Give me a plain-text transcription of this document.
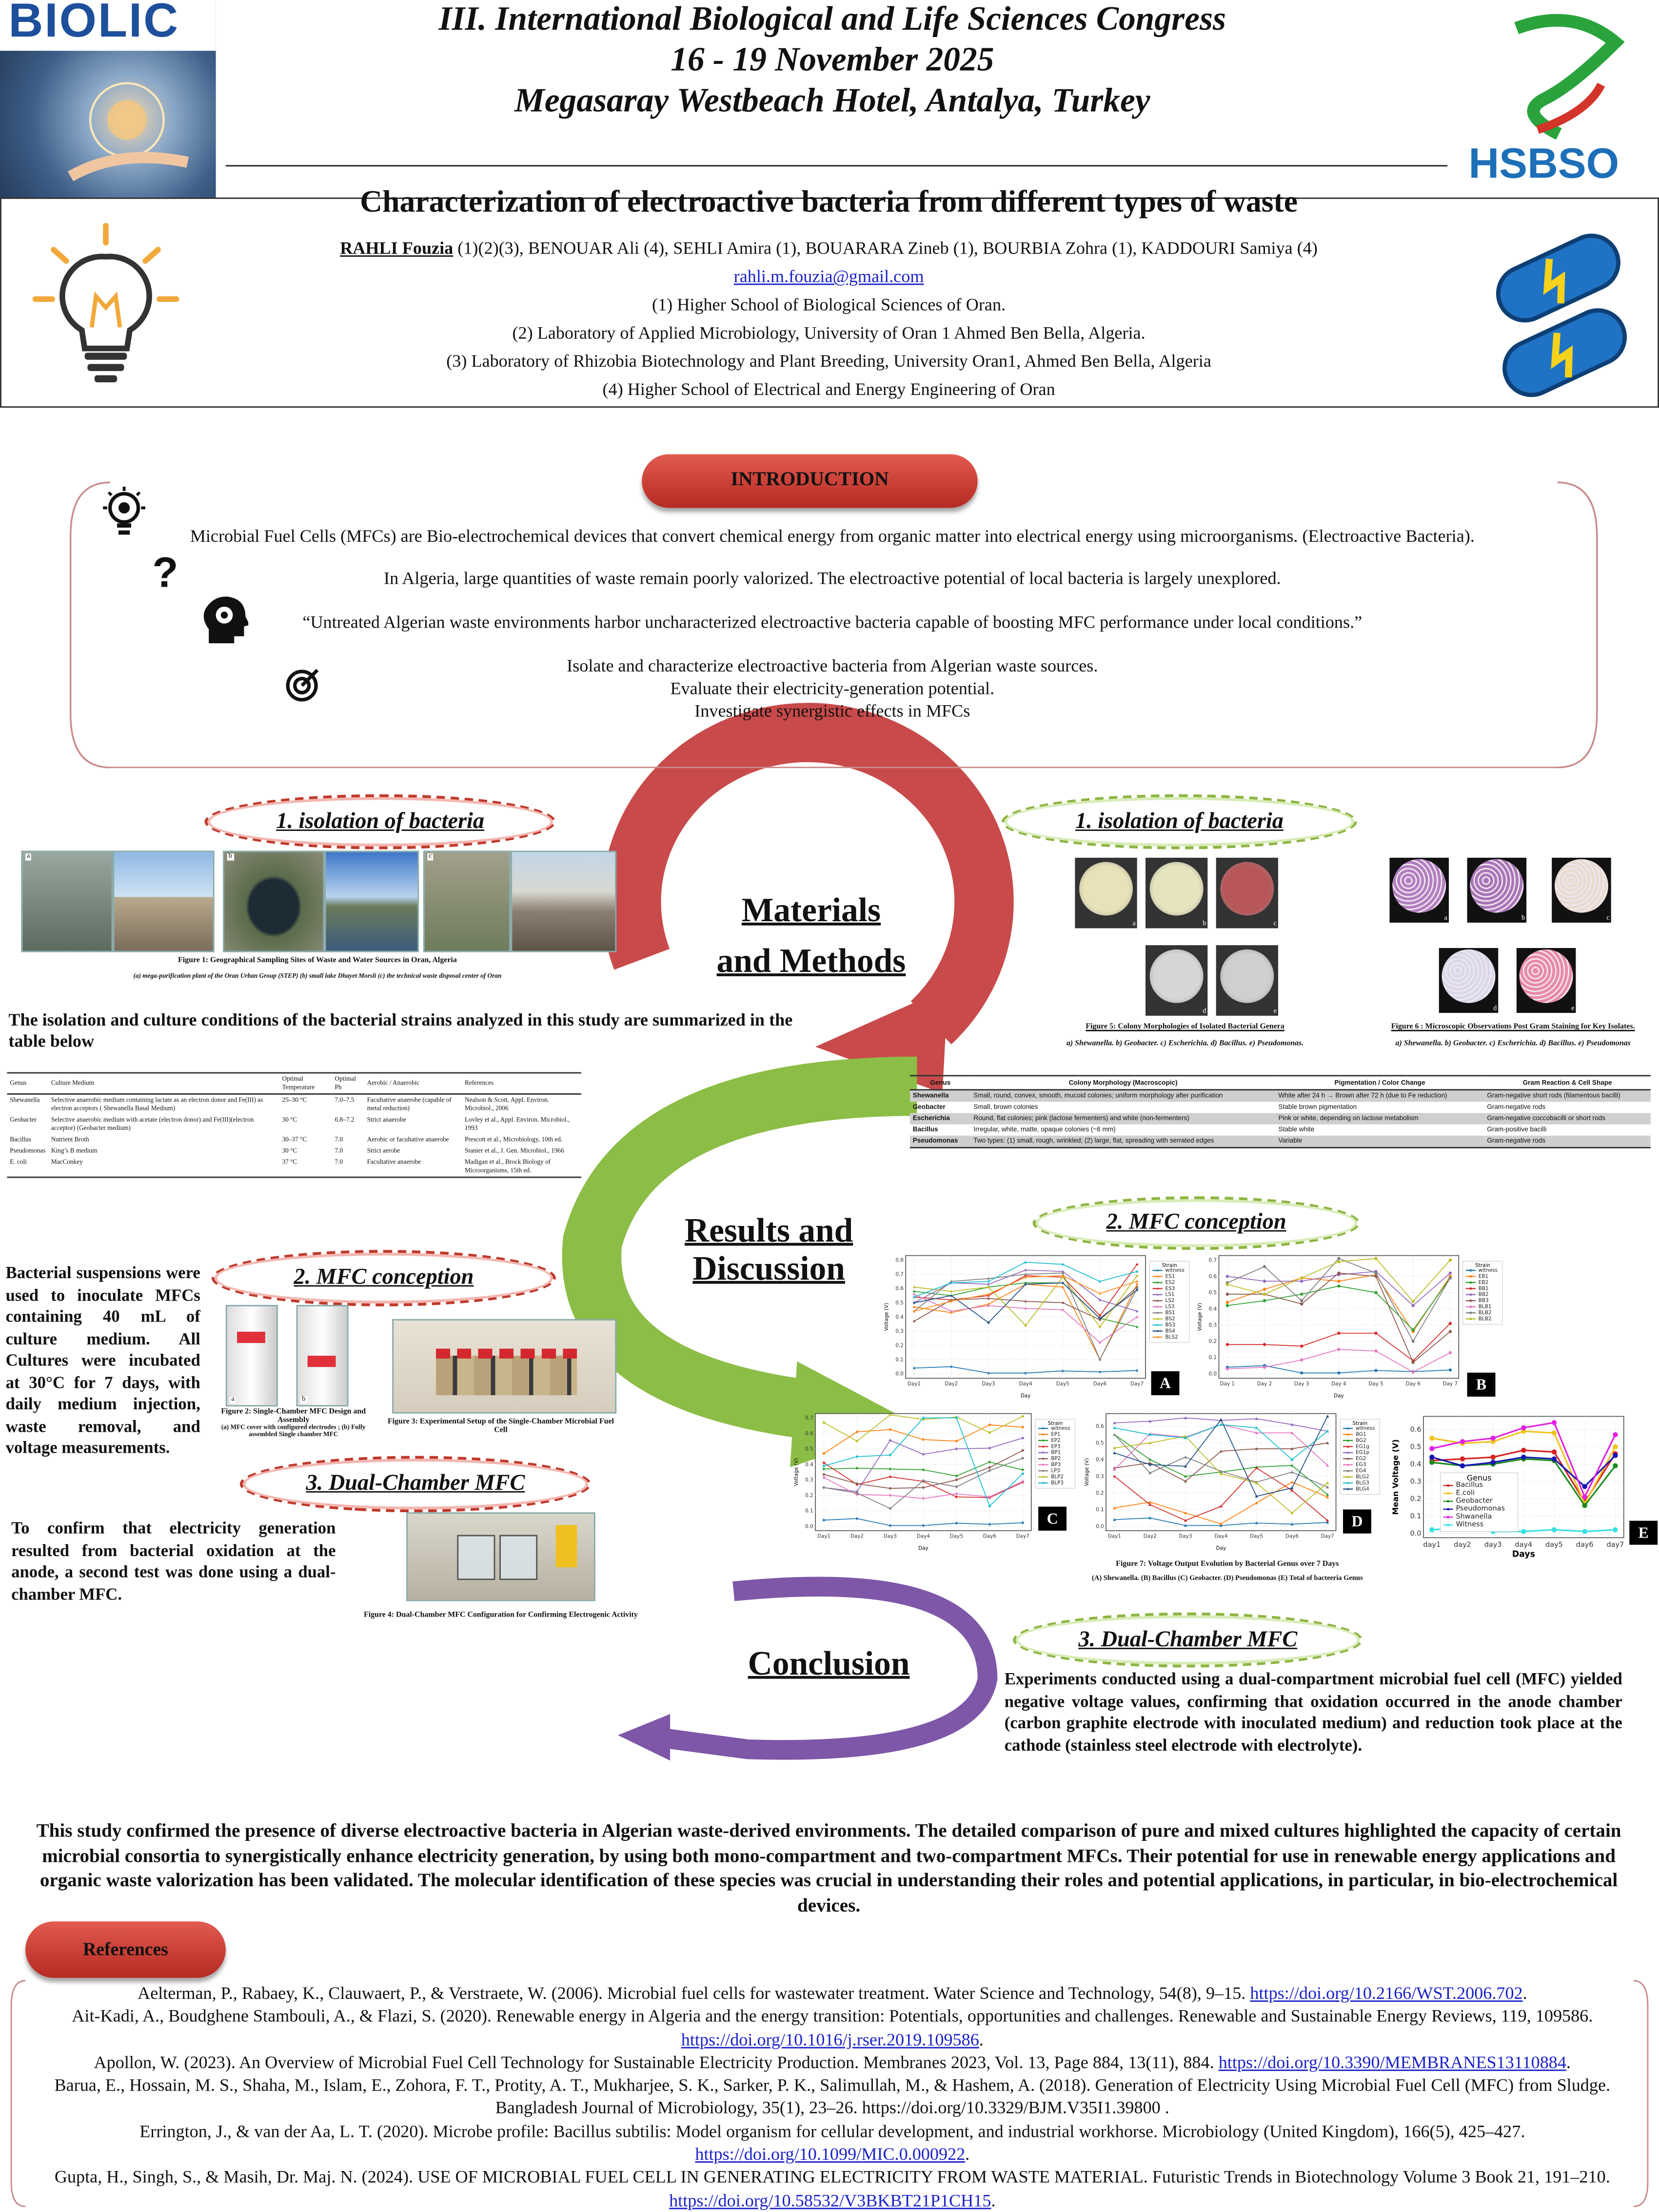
BIOLIC	III. International Biological and Life Sciences Congress
16 - 19 November 2025
Megasaray Westbeach Hotel, Antalya, Turkey
HSBSO
Characterization of electroactive bacteria from different types of waste
RAHLI Fouzia (1)(2)(3), BENOUAR Ali (4), SEHLI Amira (1), BOUARARA Zineb (1), BOURBIA Zohra (1), KADDOURI Samiya (4)
rahli.m.fouzia@gmail.com
(1) Higher School of Biological Sciences of Oran.
(2) Laboratory of Applied Microbiology, University of Oran 1 Ahmed Ben Bella, Algeria.
(3) Laboratory of Rhizobia Biotechnology and Plant Breeding, University Oran1, Ahmed Ben Bella, Algeria
(4) Higher School of Electrical and Energy Engineering of Oran
INTRODUCTION
?
Microbial Fuel Cells (MFCs) are Bio-electrochemical devices that convert chemical energy from organic matter into electrical energy using microorganisms. (Electroactive Bacteria).
In Algeria, large quantities of waste remain poorly valorized. The electroactive potential of local bacteria is largely unexplored.
“Untreated Algerian waste environments harbor uncharacterized electroactive bacteria capable of boosting MFC performance under local conditions.”
Isolate and characterize electroactive bacteria from Algerian waste sources.
Evaluate their electricity-generation potential.
Investigate synergistic effects in MFCs
Materials
and Methods
Results and
Discussion
Conclusion
1. isolation of bacteria
a	b	c
Figure 1: Geographical Sampling Sites of Waste and Water Sources in Oran, Algeria
(a) mega-purification plant of the Oran Urban Group (STEP) (b) small lake Dhayet Morsli (c) the technical waste disposal center of Oran
The isolation and culture conditions of the bacterial strains analyzed in this study are summarized in the table below
Genus	Culture Medium	Optimal Temperature	Optimal Ph	Aerobic / Anaerobic	References
Shewanella	Selective anaerobic medium containing lactate as an electron donor and Fe(III) as electron acceptors ( Shewanella Basal Medium)	25–30 °C	7.0–7.5	Facultative anaerobe (capable of metal reduction)	Nealson & Scott, Appl. Environ. Microbiol., 2006
Geobacter	Selective anaerobic medium with acetate (electron donor) and Fe(III)(electron acceptor) (Geobacter medium)	30 °C	6.8–7.2	Strict anaerobe	Lovley et al., Appl. Environ. Microbiol., 1993
Bacillus	Nutrient Broth	30–37 °C	7.0	Aerobic or facultative anaerobe	Prescott et al., Microbiology, 10th ed.
Pseudomonas	King’s B medium	30 °C	7.0	Strict aerobe	Stanier et al., J. Gen. Microbiol., 1966
E. coli	MacConkey	37 °C	7.0	Facultative anaerobe	Madigan et al., Brock Biology of Microorganisms, 15th ed.
1. isolation of bacteria
a	b	c
d	e
a	b	c
d	e
Figure 5: Colony Morphologies of Isolated Bacterial Genera
a) Shewanella. b) Geobacter. c) Escherichia. d) Bacillus. e) Pseudomonas.
Figure 6 : Microscopic Observations Post Gram Staining for Key Isolates.
a) Shewanella. b) Geobacter. c) Escherichia. d) Bacillus. e) Pseudomonas
Genus	Colony Morphology (Macroscopic)	Pigmentation / Color Change	Gram Reaction & Cell Shape
Shewanella	Small, round, convex, smooth, mucoid colonies; uniform morphology after purification	White after 24 h → Brown after 72 h (due to Fe reduction)	Gram-negative short rods (filamentous bacilli)
Geobacter	Small, brown colonies	Stable brown pigmentation	Gram-negative rods
Escherichia	Round, flat colonies; pink (lactose fermenters) and white (non-fermenters)	Pink or white, depending on lactose metabolism	Gram-negative coccobacilli or short rods
Bacillus	Irregular, white, matte, opaque colonies (~6 mm)	Stable white	Gram-positive bacilli
Pseudomonas	Two types: (1) small, rough, wrinkled; (2) large, flat, spreading with serrated edges	Variable	Gram-negative rods
2. MFC conception
2. MFC conception
Bacterial suspensions were used to inoculate MFCs containing 40 mL of culture medium. All Cultures were incubated at 30°C for 7 days, with daily medium injection, waste removal, and voltage measurements.
a	b
Figure 2: Single-Chamber MFC Design and Assembly
(a) MFC cover with configured electrodes ; (b) Fully assembled Single chamber MFC
Figure 3: Experimental Setup of the Single-Chamber Microbial Fuel Cell
3. Dual-Chamber MFC
To confirm that electricity generation resulted from bacterial oxidation at the anode, a second test was done using a dual-chamber MFC.
Figure 4: Dual-Chamber MFC Configuration for Confirming Electrogenic Activity
0.0
0.1
0.2
0.3
0.4
0.5
0.6
0.7
0.8
Day1	Day2	Day3	Day4	Day5	Day6	Day7
Day
Voltage (V)
Strain
witness
ES1
ES2
ES3
LS1
LS2
LS3
BS1
BS2
BS3
BS4
BLS2
0.0
0.1
0.2
0.3
0.4
0.5
0.6
0.7
Day 1	Day 2	Day 3	Day 4	Day 5	Day 6	Day 7
Day
Voltage (V)
Strain
witness
EB1
EB2
BB1
BB2
BB3
BLB1
BLB2
BLB2
0.0
0.1
0.2
0.3
0.4
0.5
0.6
0.7
Day1	Day2	Day3	Day4	Day5	Day6	Day7
Day
Voltage (V)
Strain
witness
EP1
EP2
EP3
BP1
BP2
BP3
LP3
BLP2
BLP3
0.0
0.1
0.2
0.3
0.4
0.5
0.6
Day1	Day2	Day3	Day4	Day5	Day6	Day7
Day
Voltage (V)
Strain
witness
BG1
BG2
EG1g
EG1p
EG2
EG3
EG4
BLG2
BLG3
BLG4
0.0
0.1
0.2
0.3
0.4
0.5
0.6
day1	day2	day3	day4	day5	day6	day7
Days
Mean Voltage (V)	Genus
Bacillus
E.coli
Geobacter
Pseudomonas
Shwanella
Witness
Figure 7: Voltage Output Evolution by Bacterial Genus over 7 Days
(A) Shewanella. (B) Bacillus (C) Geobacter. (D) Pseudomonas (E) Total of bacteeria Genus
3. Dual-Chamber MFC
Experiments conducted using a dual-compartment microbial fuel cell (MFC) yielded negative voltage values, confirming that oxidation occurred in the anode chamber (carbon graphite electrode with inoculated medium) and reduction took place at the cathode (stainless steel electrode with electrolyte).
This study confirmed the presence of diverse electroactive bacteria in Algerian waste-derived environments. The detailed comparison of pure and mixed cultures highlighted the capacity of certain microbial consortia to synergistically enhance electricity generation, by using both mono-compartment and two-compartment MFCs. Their potential for use in renewable energy applications and organic waste valorization has been validated. The molecular identification of these species was crucial in understanding their roles and potential applications, in particular, in bio-electrochemical devices.
References
Aelterman, P., Rabaey, K., Clauwaert, P., & Verstraete, W. (2006). Microbial fuel cells for wastewater treatment. Water Science and Technology, 54(8), 9–15. https://doi.org/10.2166/WST.2006.702.
Ait-Kadi, A., Boudghene Stambouli, A., & Flazi, S. (2020). Renewable energy in Algeria and the energy transition: Potentials, opportunities and challenges. Renewable and Sustainable Energy Reviews, 119, 109586. https://doi.org/10.1016/j.rser.2019.109586.
Apollon, W. (2023). An Overview of Microbial Fuel Cell Technology for Sustainable Electricity Production. Membranes 2023, Vol. 13, Page 884, 13(11), 884. https://doi.org/10.3390/MEMBRANES13110884.
Barua, E., Hossain, M. S., Shaha, M., Islam, E., Zohora, F. T., Protity, A. T., Mukharjee, S. K., Sarker, P. K., Salimullah, M., & Hashem, A. (2018). Generation of Electricity Using Microbial Fuel Cell (MFC) from Sludge. Bangladesh Journal of Microbiology, 35(1), 23–26. https://doi.org/10.3329/BJM.V35I1.39800 .
Errington, J., & van der Aa, L. T. (2020). Microbe profile: Bacillus subtilis: Model organism for cellular development, and industrial workhorse. Microbiology (United Kingdom), 166(5), 425–427. https://doi.org/10.1099/MIC.0.000922.
Gupta, H., Singh, S., & Masih, Dr. Maj. N. (2024). USE OF MICROBIAL FUEL CELL IN GENERATING ELECTRICITY FROM WASTE MATERIAL. Futuristic Trends in Biotechnology Volume 3 Book 21, 191–210. https://doi.org/10.58532/V3BKBT21P1CH15.
A	B
C	D
E
